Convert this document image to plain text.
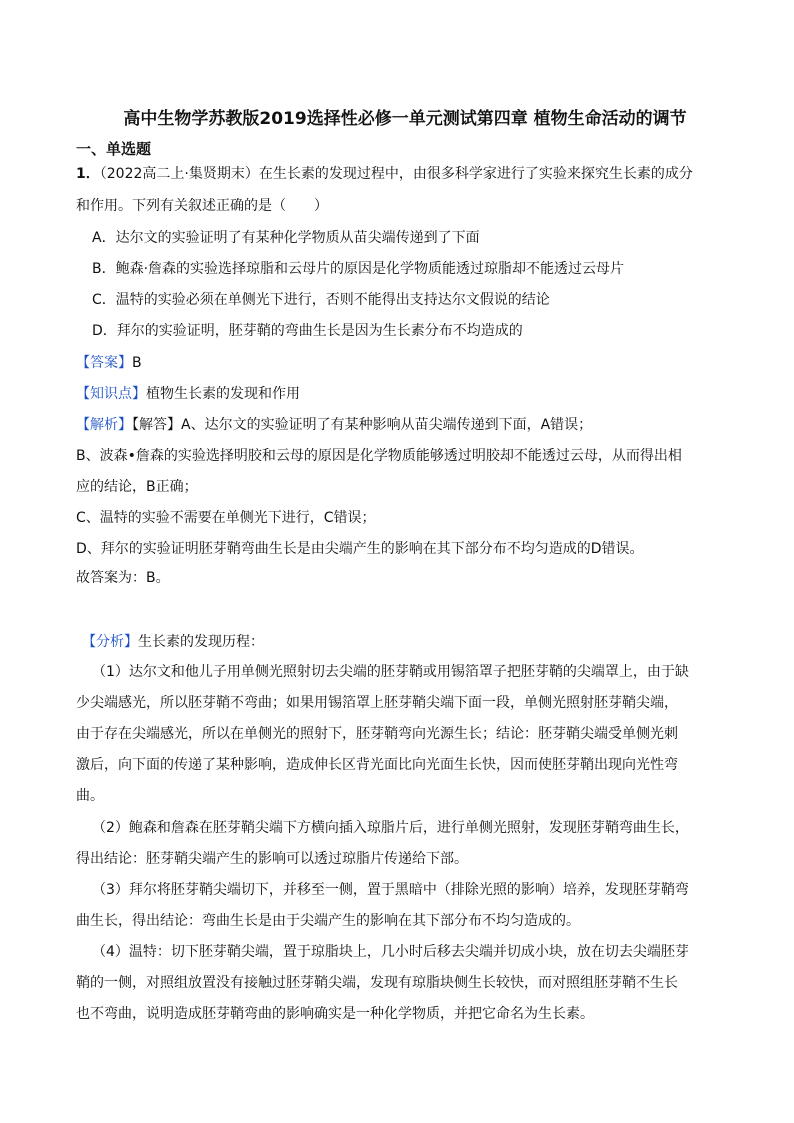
高中生物学苏教版2019选择性必修一单元测试第四章 植物生命活动的调节
一、单选题
1．（2022高二上·集贤期末）在生长素的发现过程中，由很多科学家进行了实验来探究生长素的成分
和作用。下列有关叙述正确的是（　　）
A．达尔文的实验证明了有某种化学物质从苗尖端传递到了下面
B．鲍森·詹森的实验选择琼脂和云母片的原因是化学物质能透过琼脂却不能透过云母片
C．温特的实验必须在单侧光下进行，否则不能得出支持达尔文假说的结论
D．拜尔的实验证明，胚芽鞘的弯曲生长是因为生长素分布不均造成的
【答案】B
【知识点】植物生长素的发现和作用
【解析】【解答】A、达尔文的实验证明了有某种影响从苗尖端传递到下面，A错误；
B、波森•詹森的实验选择明胶和云母的原因是化学物质能够透过明胶却不能透过云母，从而得出相
应的结论，B正确；
C、温特的实验不需要在单侧光下进行，C错误；
D、拜尔的实验证明胚芽鞘弯曲生长是由尖端产生的影响在其下部分布不均匀造成的D错误。
故答案为：B。
【分析】生长素的发现历程：
（1）达尔文和他儿子用单侧光照射切去尖端的胚芽鞘或用锡箔罩子把胚芽鞘的尖端罩上，由于缺
少尖端感光，所以胚芽鞘不弯曲；如果用锡箔罩上胚芽鞘尖端下面一段，单侧光照射胚芽鞘尖端，
由于存在尖端感光，所以在单侧光的照射下，胚芽鞘弯向光源生长；结论：胚芽鞘尖端受单侧光刺
激后，向下面的传递了某种影响，造成伸长区背光面比向光面生长快，因而使胚芽鞘出现向光性弯
曲。
（2）鲍森和詹森在胚芽鞘尖端下方横向插入琼脂片后，进行单侧光照射，发现胚芽鞘弯曲生长，
得出结论：胚芽鞘尖端产生的影响可以透过琼脂片传递给下部。
（3）拜尔将胚芽鞘尖端切下，并移至一侧，置于黑暗中（排除光照的影响）培养，发现胚芽鞘弯
曲生长，得出结论：弯曲生长是由于尖端产生的影响在其下部分布不均匀造成的。
（4）温特：切下胚芽鞘尖端，置于琼脂块上，几小时后移去尖端并切成小块，放在切去尖端胚芽
鞘的一侧，对照组放置没有接触过胚芽鞘尖端，发现有琼脂块侧生长较快，而对照组胚芽鞘不生长
也不弯曲，说明造成胚芽鞘弯曲的影响确实是一种化学物质，并把它命名为生长素。
